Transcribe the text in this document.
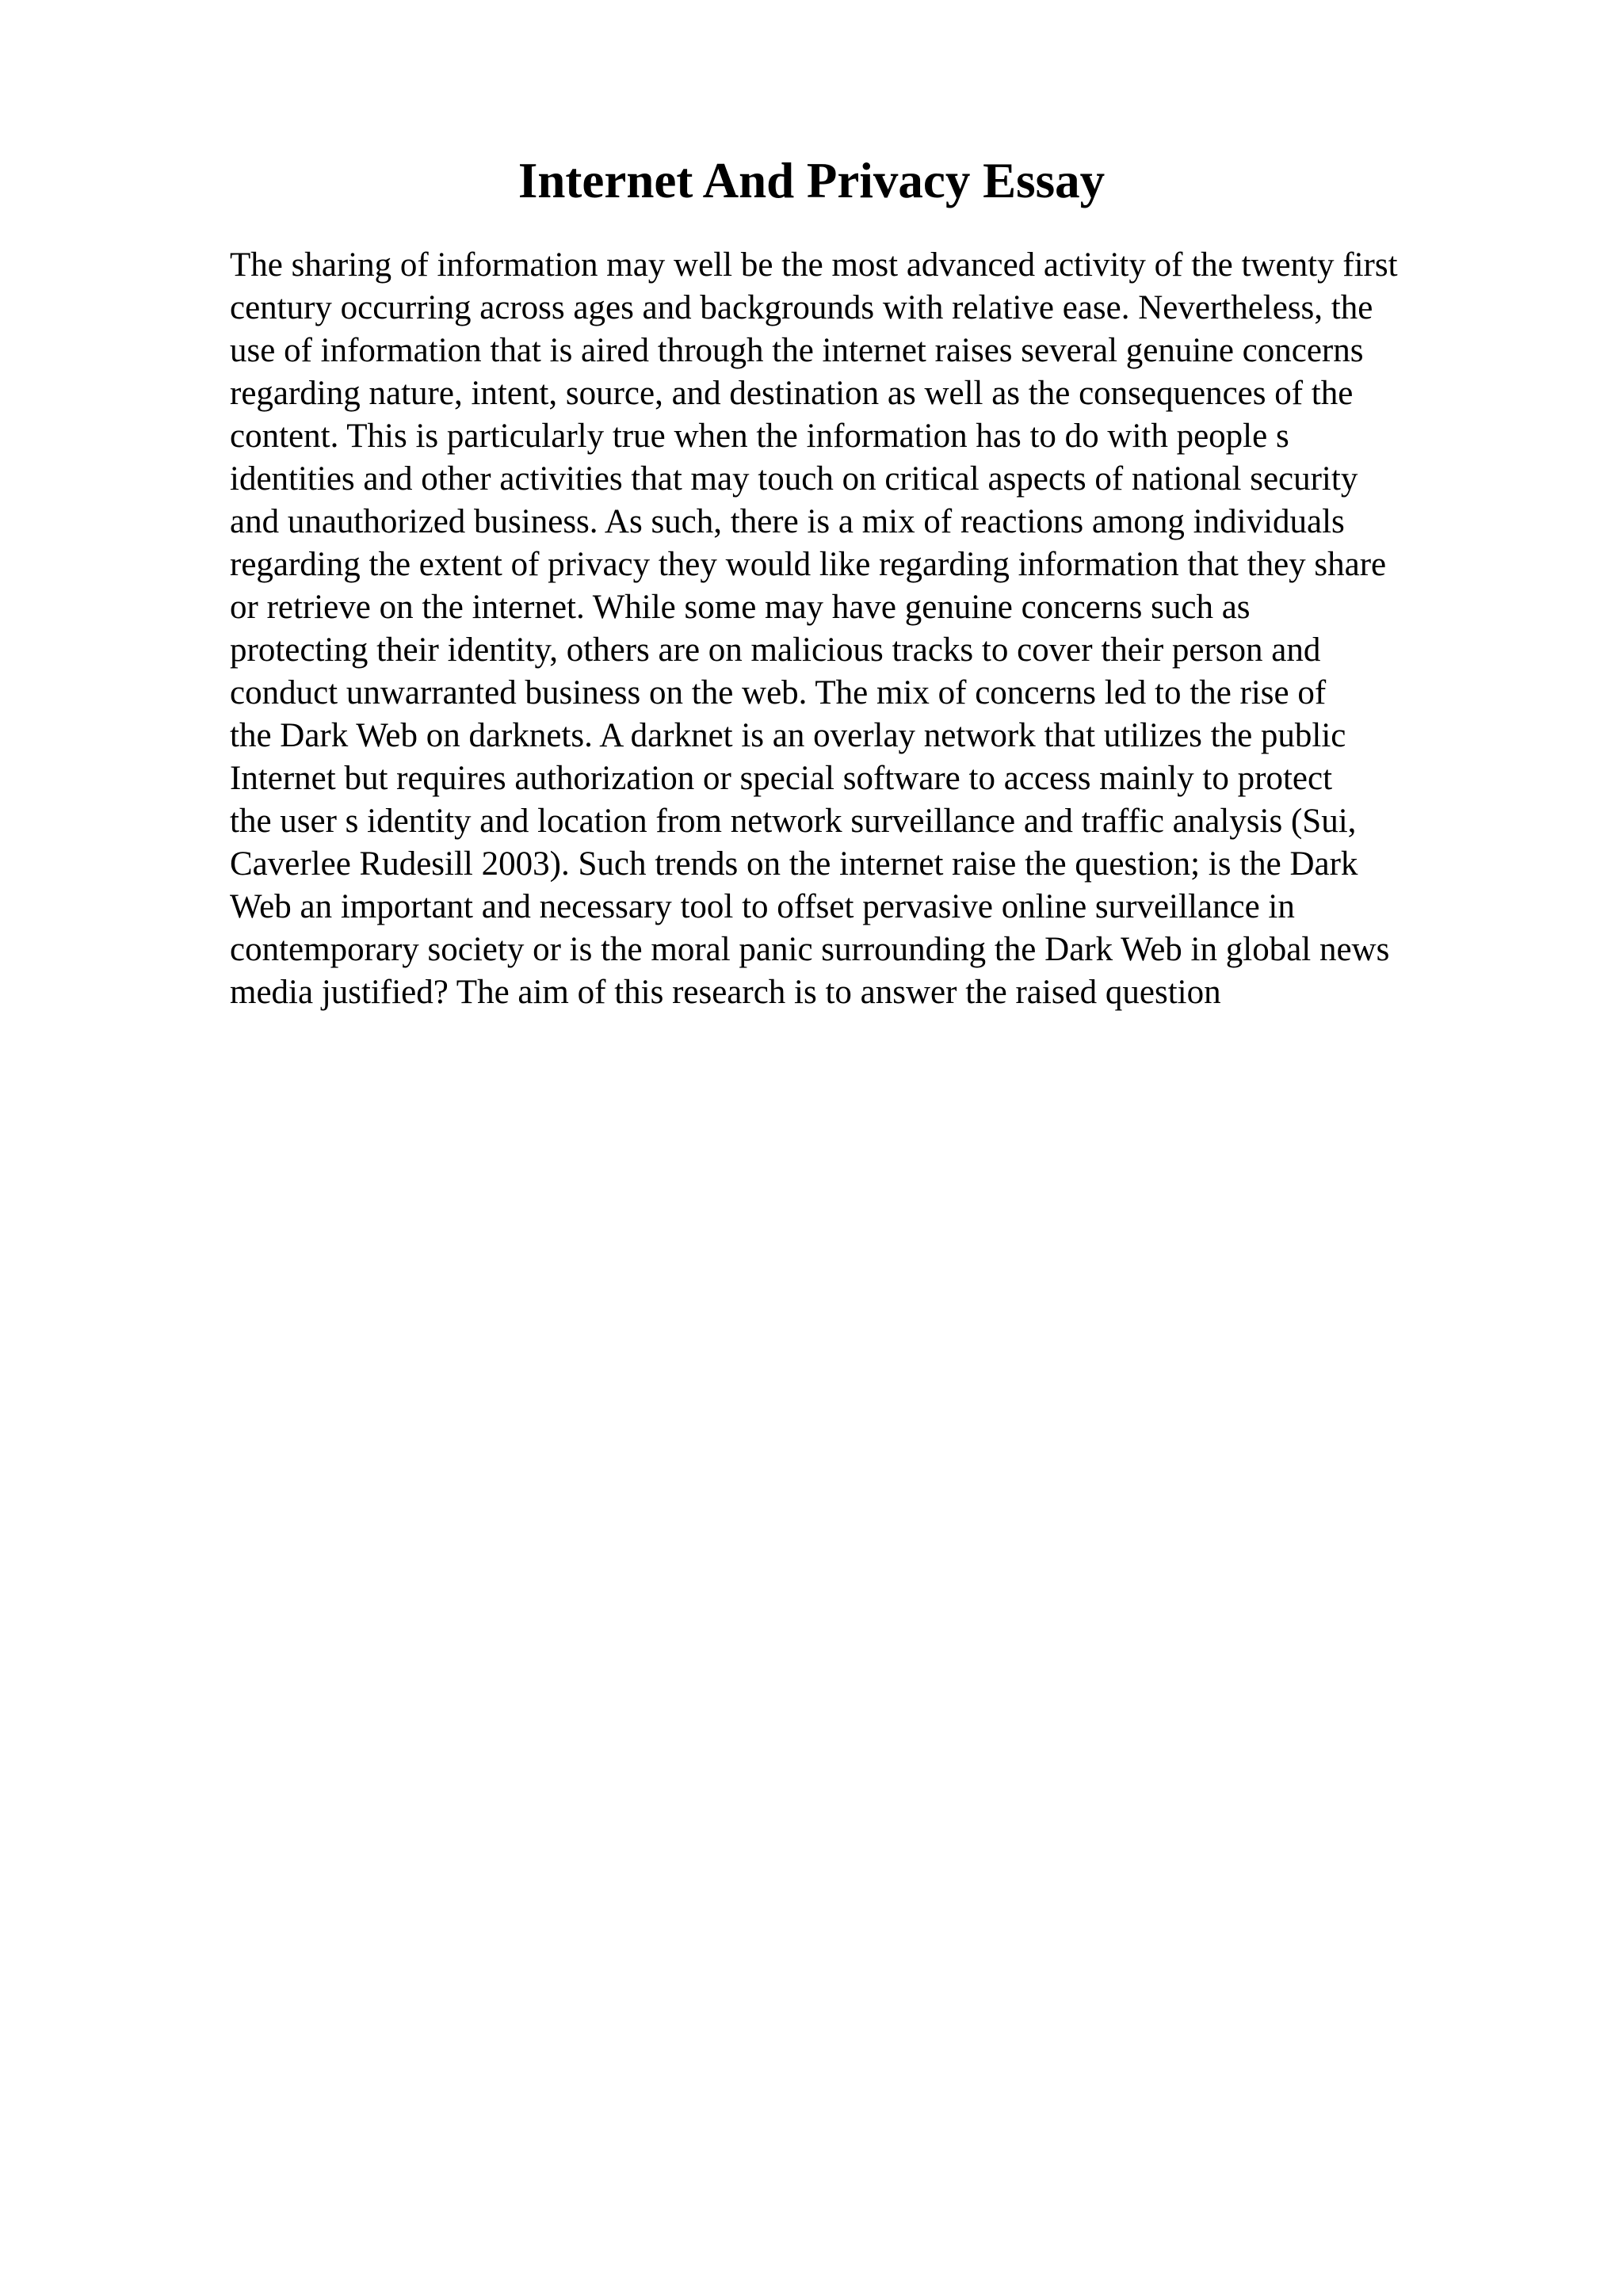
Internet And Privacy Essay
The sharing of information may well be the most advanced activity of the twenty first
century occurring across ages and backgrounds with relative ease. Nevertheless, the
use of information that is aired through the internet raises several genuine concerns
regarding nature, intent, source, and destination as well as the consequences of the
content. This is particularly true when the information has to do with people s
identities and other activities that may touch on critical aspects of national security
and unauthorized business. As such, there is a mix of reactions among individuals
regarding the extent of privacy they would like regarding information that they share
or retrieve on the internet. While some may have genuine concerns such as
protecting their identity, others are on malicious tracks to cover their person and
conduct unwarranted business on the web. The mix of concerns led to the rise of
the Dark Web on darknets. A darknet is an overlay network that utilizes the public
Internet but requires authorization or special software to access mainly to protect
the user s identity and location from network surveillance and traffic analysis (Sui,
Caverlee Rudesill 2003). Such trends on the internet raise the question; is the Dark
Web an important and necessary tool to offset pervasive online surveillance in
contemporary society or is the moral panic surrounding the Dark Web in global news
media justified? The aim of this research is to answer the raised question
